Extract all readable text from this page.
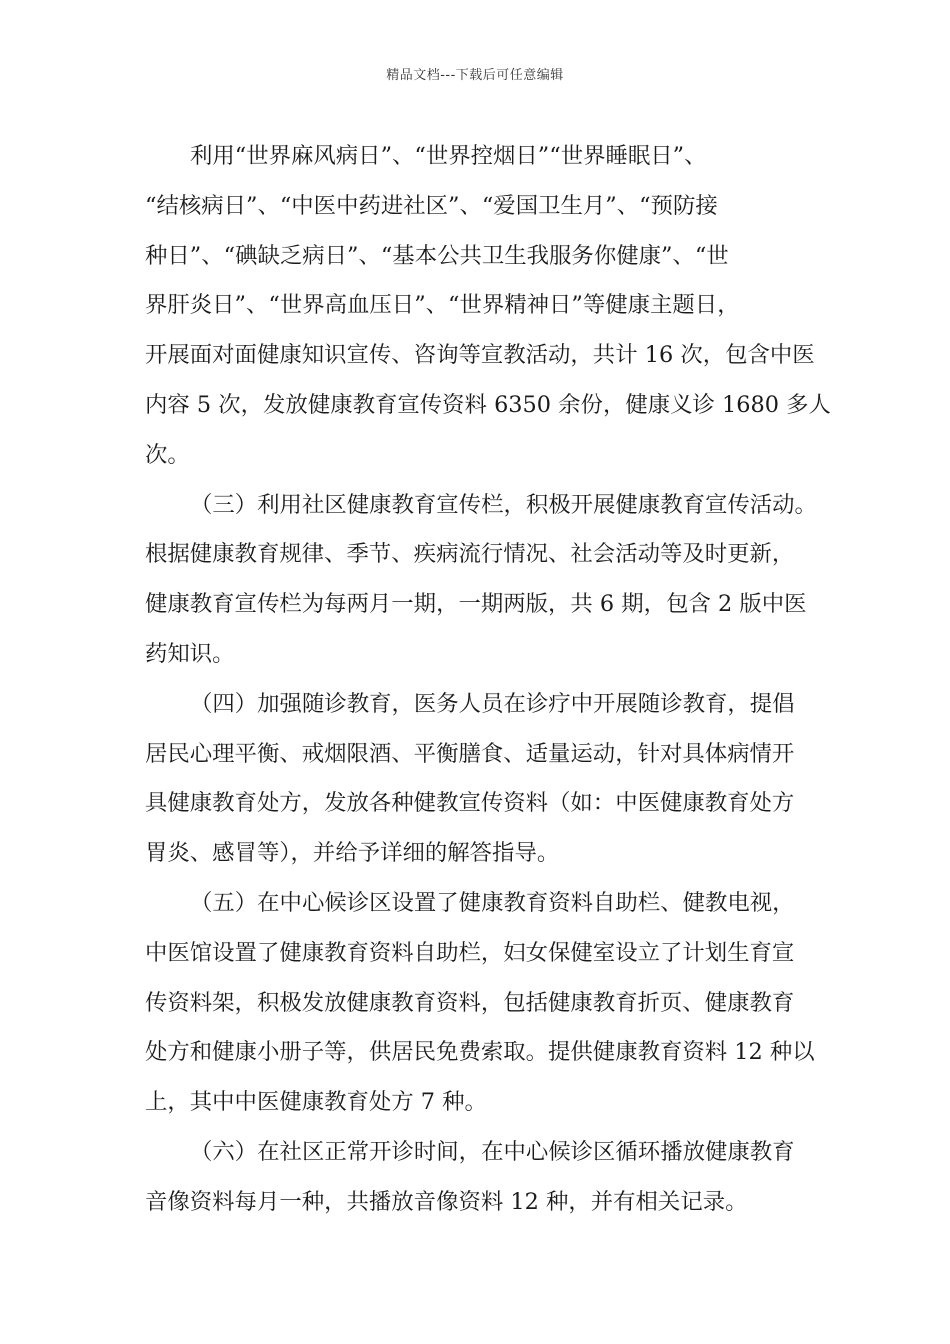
精品文档---下载后可任意编辑
利用“世界麻风病日”、“世界控烟日”“世界睡眠日”、
“结核病日”、“中医中药进社区”、“爱国卫生月”、“预防接
种日”、“碘缺乏病日”、“基本公共卫生我服务你健康”、“世
界肝炎日”、“世界高血压日”、“世界精神日”等健康主题日，
开展面对面健康知识宣传、咨询等宣教活动，共计 16 次，包含中医
内容 5 次，发放健康教育宣传资料 6350 余份，健康义诊 1680 多人
次。
（三）利用社区健康教育宣传栏，积极开展健康教育宣传活动。
根据健康教育规律、季节、疾病流行情况、社会活动等及时更新，
健康教育宣传栏为每两月一期，一期两版，共 6 期，包含 2 版中医
药知识。
（四）加强随诊教育，医务人员在诊疗中开展随诊教育，提倡
居民心理平衡、戒烟限酒、平衡膳食、适量运动，针对具体病情开
具健康教育处方，发放各种健教宣传资料（如：中医健康教育处方
胃炎、感冒等），并给予详细的解答指导。
（五）在中心候诊区设置了健康教育资料自助栏、健教电视，
中医馆设置了健康教育资料自助栏，妇女保健室设立了计划生育宣
传资料架，积极发放健康教育资料，包括健康教育折页、健康教育
处方和健康小册子等，供居民免费索取。提供健康教育资料 12 种以
上，其中中医健康教育处方 7 种。
（六）在社区正常开诊时间，在中心候诊区循环播放健康教育
音像资料每月一种，共播放音像资料 12 种，并有相关记录。
